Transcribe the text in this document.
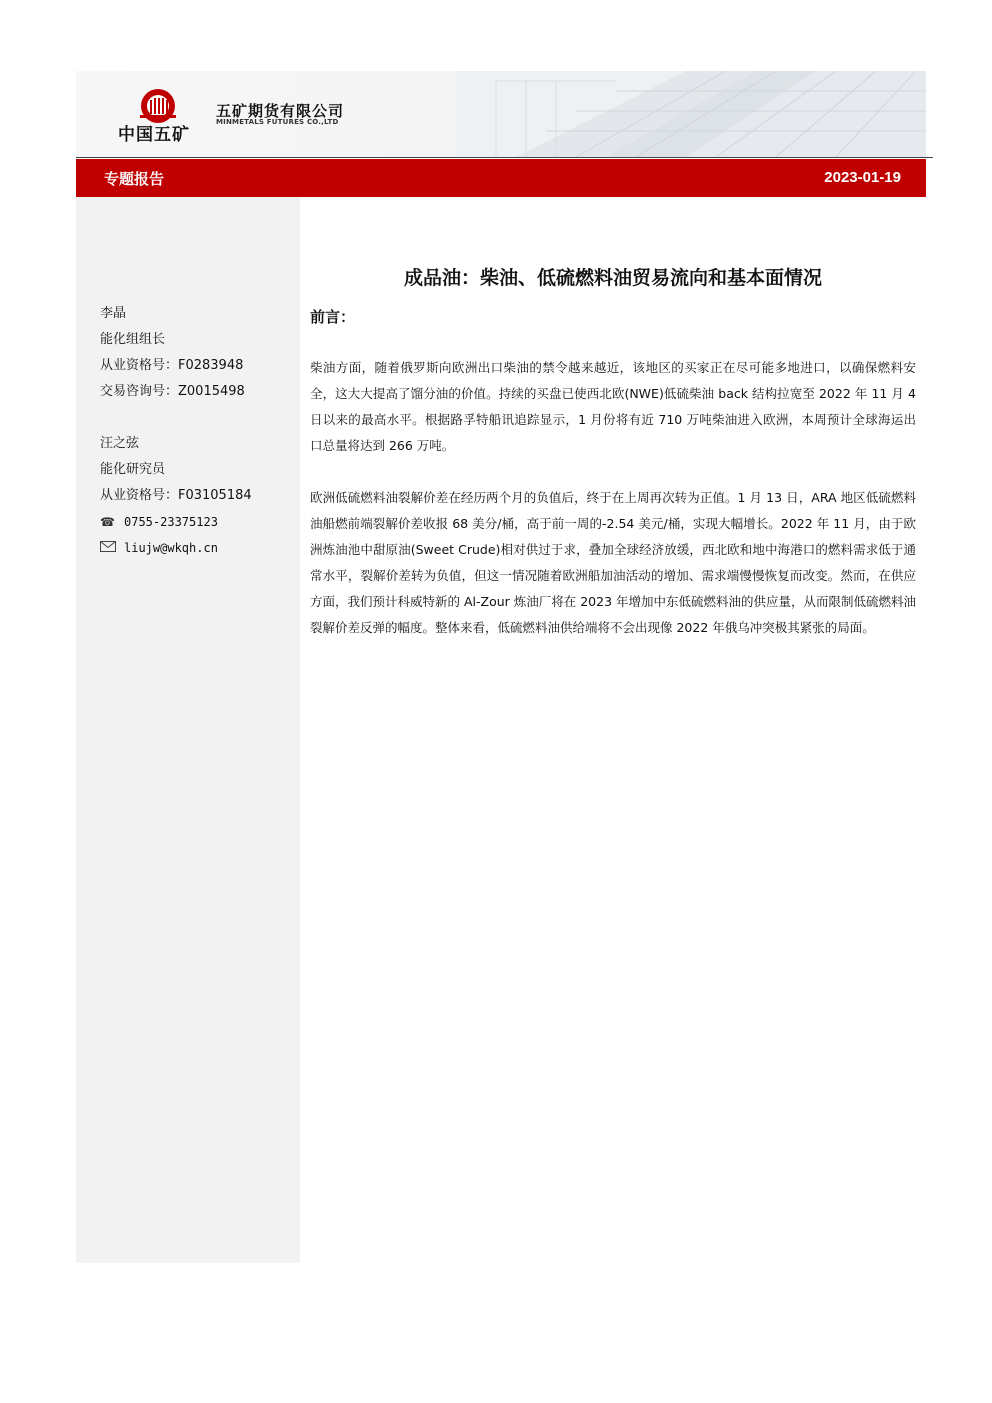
中国五矿
五矿期货有限公司
MINMETALS FUTURES CO.,LTD
专题报告	2023-01-19
李晶
能化组组长
从业资格号：F0283948
交易咨询号：Z0015498
汪之弦
能化研究员
从业资格号：F03105184
☎ 0755-23375123
liujw@wkqh.cn
成品油：柴油、低硫燃料油贸易流向和基本面情况
前言：
柴油方面，随着俄罗斯向欧洲出口柴油的禁令越来越近，该地区的买家正在尽可能多地进口，以确保燃料安全，这大大提高了馏分油的价值。持续的买盘已使西北欧(NWE)低硫柴油 back 结构拉宽至 2022 年 11 月 4 日以来的最高水平。根据路孚特船讯追踪显示，1 月份将有近 710 万吨柴油进入欧洲，本周预计全球海运出口总量将达到 266 万吨。
欧洲低硫燃料油裂解价差在经历两个月的负值后，终于在上周再次转为正值。1 月 13 日，ARA 地区低硫燃料油船燃前端裂解价差收报 68 美分/桶，高于前一周的-2.54 美元/桶，实现大幅增长。2022 年 11 月，由于欧洲炼油池中甜原油(Sweet Crude)相对供过于求，叠加全球经济放缓，西北欧和地中海港口的燃料需求低于通常水平，裂解价差转为负值，但这一情况随着欧洲船加油活动的增加、需求端慢慢恢复而改变。然而，在供应方面，我们预计科威特新的 Al-Zour 炼油厂将在 2023 年增加中东低硫燃料油的供应量，从而限制低硫燃料油裂解价差反弹的幅度。整体来看，低硫燃料油供给端将不会出现像 2022 年俄乌冲突极其紧张的局面。
